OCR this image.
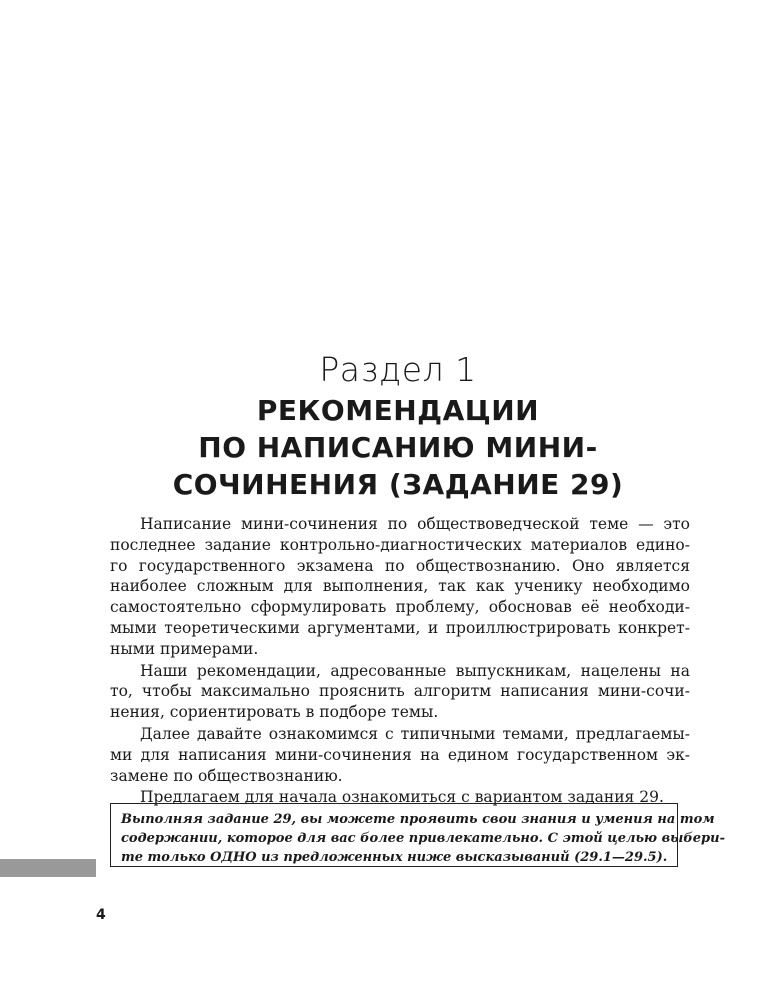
Раздел 1
РЕКОМЕНДАЦИИ
ПО НАПИСАНИЮ МИНИ-
СОЧИНЕНИЯ (ЗАДАНИЕ 29)
Написание мини-сочинения по обществоведческой теме — это
последнее задание контрольно-диагностических материалов едино-
го государственного экзамена по обществознанию. Оно является
наиболее сложным для выполнения, так как ученику необходимо
самостоятельно сформулировать проблему, обосновав её необходи-
мыми теоретическими аргументами, и проиллюстрировать конкрет-
ными примерами.
Наши рекомендации, адресованные выпускникам, нацелены на
то, чтобы максимально прояснить алгоритм написания мини-сочи-
нения, сориентировать в подборе темы.
Далее давайте ознакомимся с типичными темами, предлагаемы-
ми для написания мини-сочинения на едином государственном эк-
замене по обществознанию.
Предлагаем для начала ознакомиться с вариантом задания 29.
Выполняя задание 29, вы можете проявить свои знания и умения на том
содержании, которое для вас более привлекательно. С этой целью выбери-
те только ОДНО из предложенных ниже высказываний (29.1—29.5).
4
